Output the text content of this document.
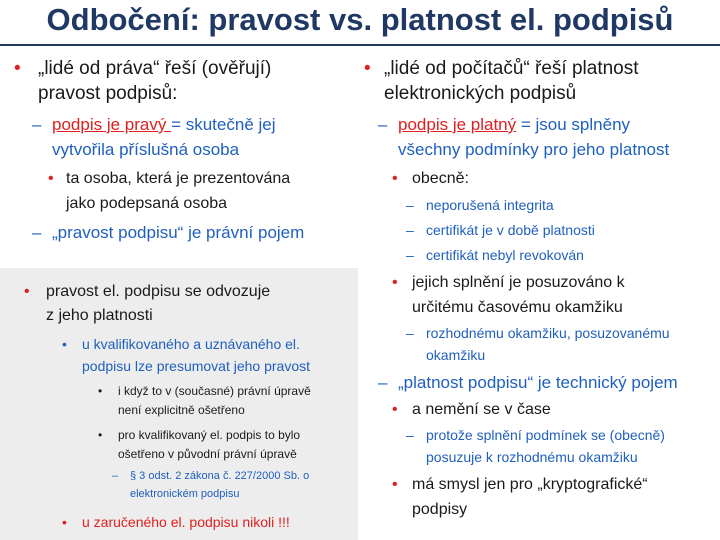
Odbočení: pravost vs. platnost el. podpisů
• „lidé od práva“ řeší (ověřují)
pravost podpisů:
– podpis je pravý = skutečně jej
vytvořila příslušná osoba
• ta osoba, která je prezentována
jako podepsaná osoba
– „pravost podpisu“ je právní pojem
• pravost el. podpisu se odvozuje
z jeho platnosti
• u kvalifikovaného a uznávaného el.
podpisu lze presumovat jeho pravost
• i když to v (současné) právní úpravě
není explicitně ošetřeno
• pro kvalifikovaný el. podpis to bylo
ošetřeno v původní právní úpravě
– § 3 odst. 2 zákona č. 227/2000 Sb. o
elektronickém podpisu
• u zaručeného el. podpisu nikoli !!!
• „lidé od počítačů“ řeší platnost
elektronických podpisů
– podpis je platný = jsou splněny
všechny podmínky pro jeho platnost
• obecně:
– neporušená integrita
– certifikát je v době platnosti
– certifikát nebyl revokován
• jejich splnění je posuzováno k
určitému časovému okamžiku
– rozhodnému okamžiku, posuzovanému
okamžiku
– „platnost podpisu“ je technický pojem
• a nemění se v čase
– protože splnění podmínek se (obecně)
posuzuje k rozhodnému okamžiku
• má smysl jen pro „kryptografické“
podpisy
